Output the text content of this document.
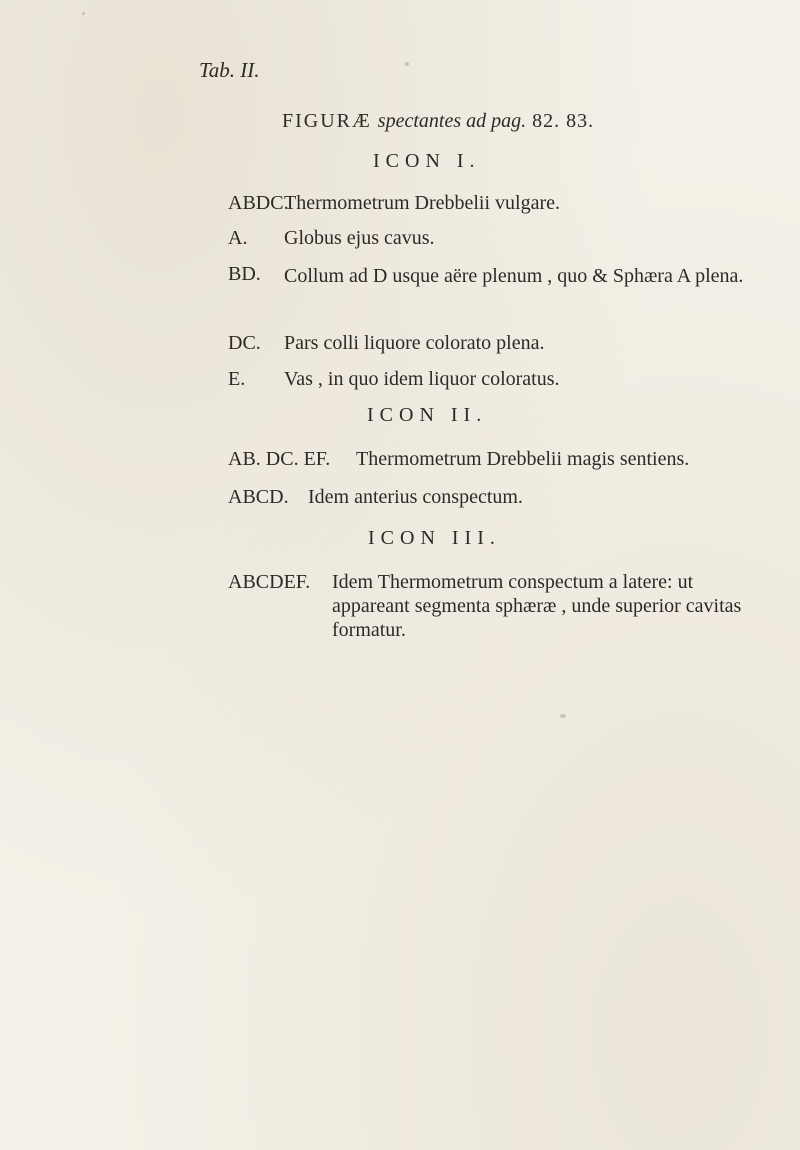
Tab. II.
FIGURÆ spectantes ad pag. 82. 83.
ICON I.
ABDC.
Thermometrum Drebbelii vulgare.
A. Globus ejus cavus.
BD. Collum ad D usque aëre plenum , quo & Sphæra A plena.
DC. Pars colli liquore colorato plena.
E. Vas , in quo idem liquor coloratus.
ICON II.
AB. DC. EF. Thermometrum Drebbelii magis sentiens.
ABCD. Idem anterius conspectum.
ICON III.
ABCDEF. Idem Thermometrum conspectum a latere: ut appareant segmenta sphæræ , unde superior cavitas formatur.
